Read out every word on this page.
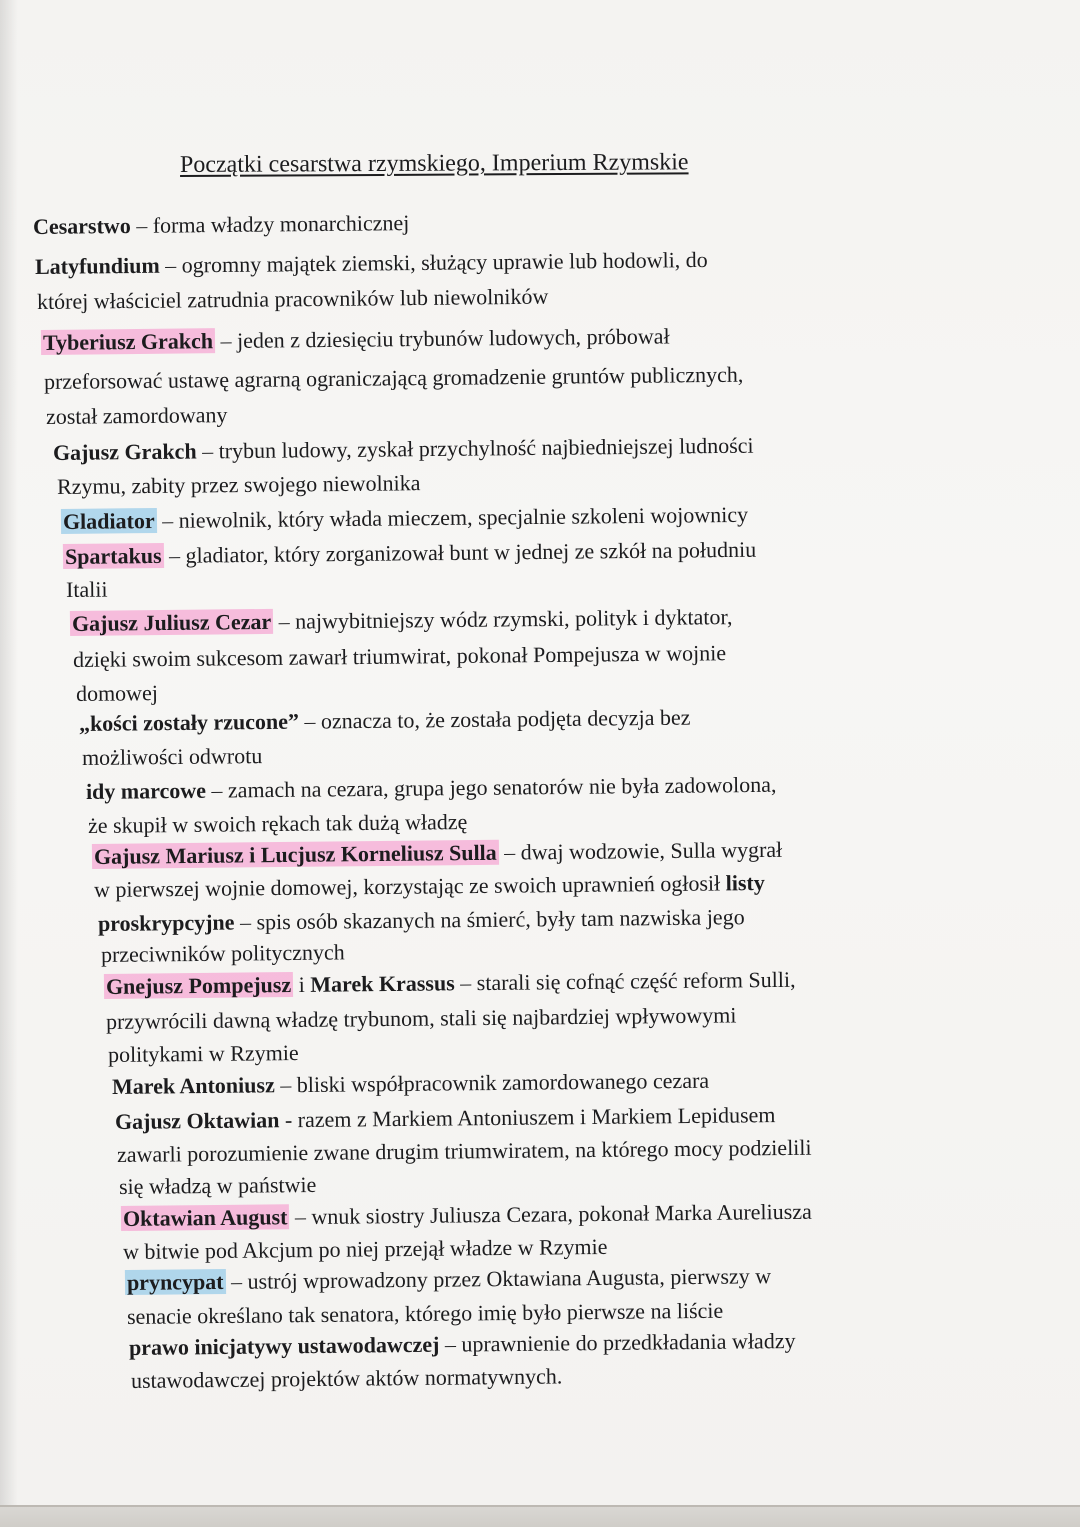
Początki cesarstwa rzymskiego, Imperium Rzymskie
Cesarstwo – forma władzy monarchicznej
Latyfundium – ogromny majątek ziemski, służący uprawie lub hodowli, do
której właściciel zatrudnia pracowników lub niewolników
Tyberiusz Grakch – jeden z dziesięciu trybunów ludowych, próbował
przeforsować ustawę agrarną ograniczającą gromadzenie gruntów publicznych,
został zamordowany
Gajusz Grakch – trybun ludowy, zyskał przychylność najbiedniejszej ludności
Rzymu, zabity przez swojego niewolnika
Gladiator – niewolnik, który włada mieczem, specjalnie szkoleni wojownicy
Spartakus – gladiator, który zorganizował bunt w jednej ze szkół na południu
Italii
Gajusz Juliusz Cezar – najwybitniejszy wódz rzymski, polityk i dyktator,
dzięki swoim sukcesom zawarł triumwirat, pokonał Pompejusza w wojnie
domowej
„kości zostały rzucone” – oznacza to, że została podjęta decyzja bez
możliwości odwrotu
idy marcowe – zamach na cezara, grupa jego senatorów nie była zadowolona,
że skupił w swoich rękach tak dużą władzę
Gajusz Mariusz i Lucjusz Korneliusz Sulla – dwaj wodzowie, Sulla wygrał
w pierwszej wojnie domowej, korzystając ze swoich uprawnień ogłosił listy
proskrypcyjne – spis osób skazanych na śmierć, były tam nazwiska jego
przeciwników politycznych
Gnejusz Pompejusz i Marek Krassus – starali się cofnąć część reform Sulli,
przywrócili dawną władzę trybunom, stali się najbardziej wpływowymi
politykami w Rzymie
Marek Antoniusz – bliski współpracownik zamordowanego cezara
Gajusz Oktawian - razem z Markiem Antoniuszem i Markiem Lepidusem
zawarli porozumienie zwane drugim triumwiratem, na którego mocy podzielili
się władzą w państwie
Oktawian August – wnuk siostry Juliusza Cezara, pokonał Marka Aureliusza
w bitwie pod Akcjum po niej przejął władze w Rzymie
pryncypat – ustrój wprowadzony przez Oktawiana Augusta, pierwszy w
senacie określano tak senatora, którego imię było pierwsze na liście
prawo inicjatywy ustawodawczej – uprawnienie do przedkładania władzy
ustawodawczej projektów aktów normatywnych.
